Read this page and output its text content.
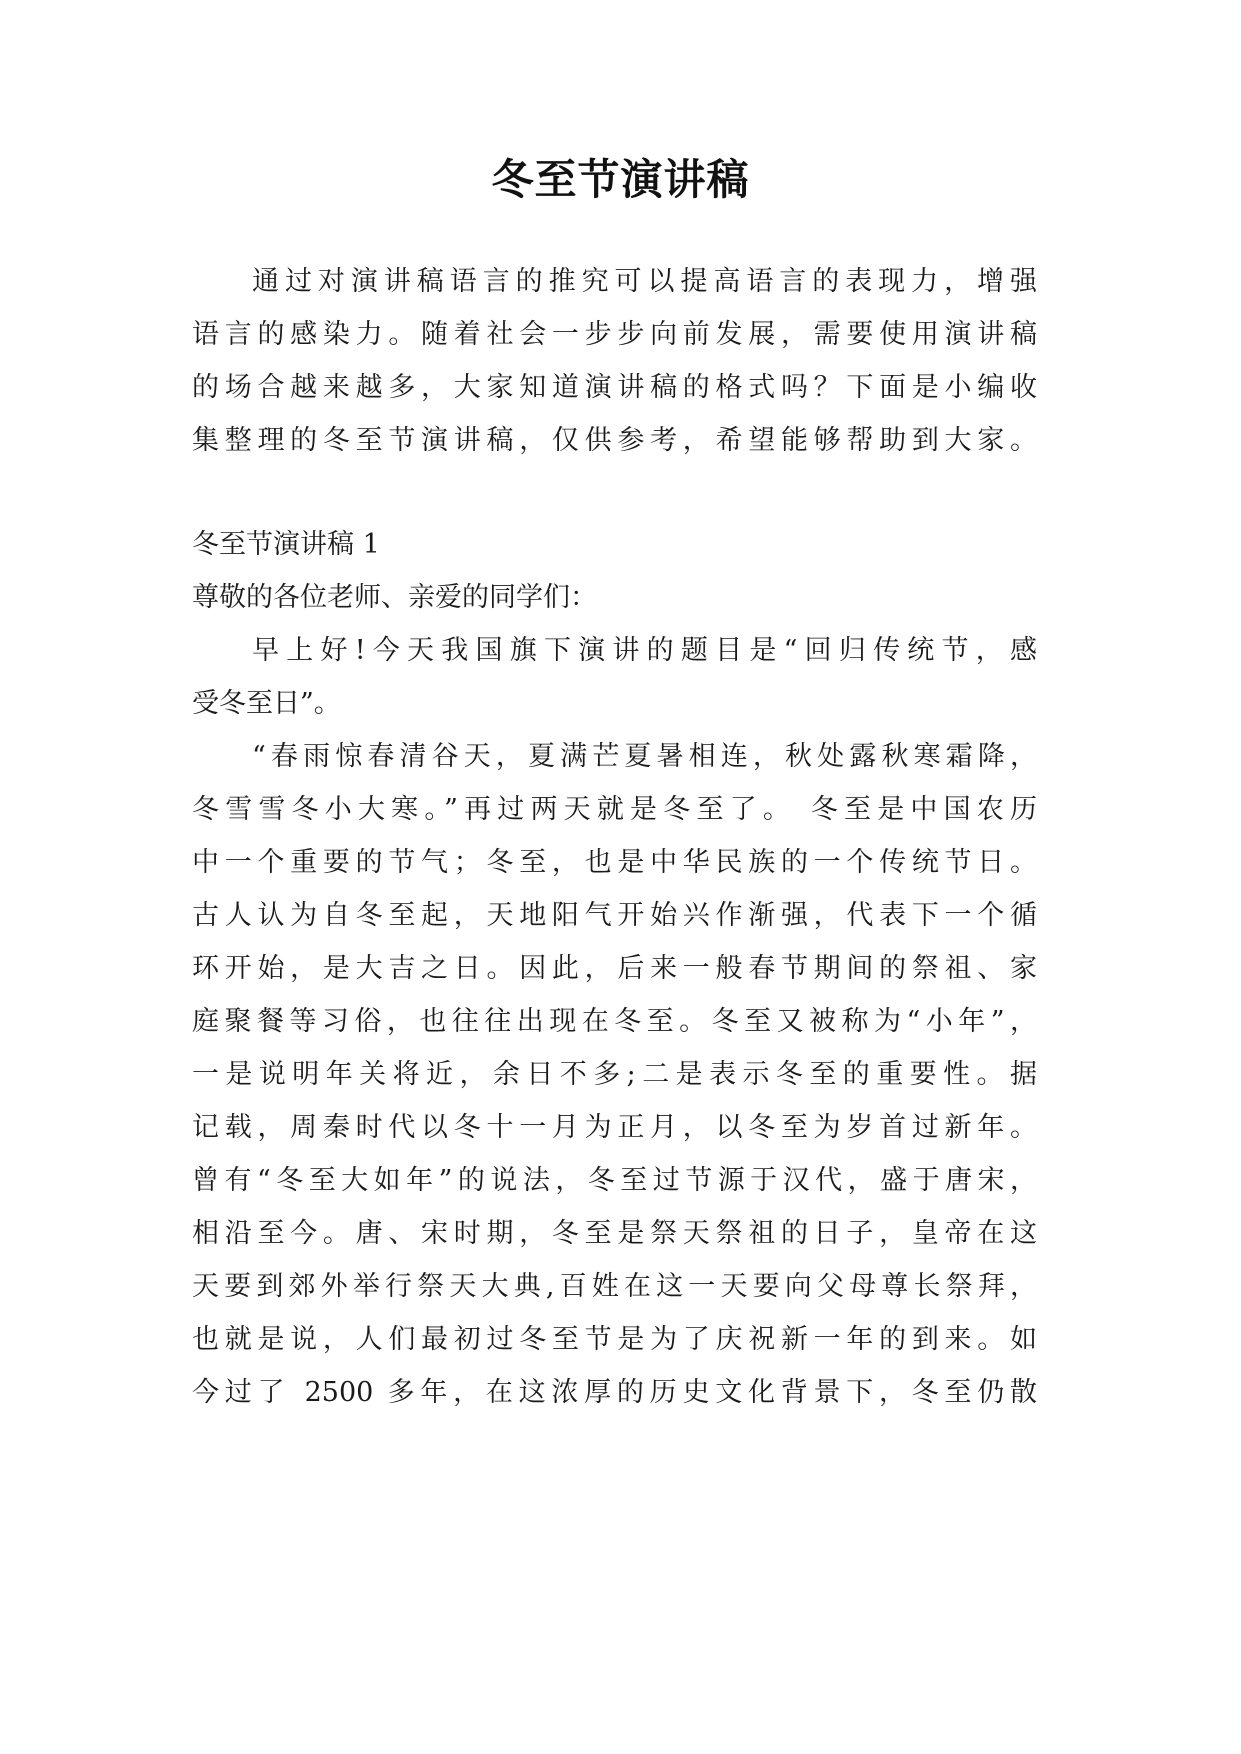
冬至节演讲稿
通过对演讲稿语言的推究可以提高语言的表现力，增强
语言的感染力。随着社会一步步向前发展，需要使用演讲稿
的场合越来越多，大家知道演讲稿的格式吗？下面是小编收
集整理的冬至节演讲稿，仅供参考，希望能够帮助到大家。
冬至节演讲稿 1
尊敬的各位老师、亲爱的同学们：
早上好!今天我国旗下演讲的题目是“回归传统节，感
受冬至日”。
“春雨惊春清谷天，夏满芒夏暑相连，秋处露秋寒霜降，
冬雪雪冬小大寒。”再过两天就是冬至了。 冬至是中国农历
中一个重要的节气；冬至，也是中华民族的一个传统节日。
古人认为自冬至起，天地阳气开始兴作渐强，代表下一个循
环开始，是大吉之日。因此，后来一般春节期间的祭祖、家
庭聚餐等习俗，也往往出现在冬至。冬至又被称为“小年”，
一是说明年关将近，余日不多;二是表示冬至的重要性。据
记载，周秦时代以冬十一月为正月，以冬至为岁首过新年。
曾有“冬至大如年”的说法，冬至过节源于汉代，盛于唐宋，
相沿至今。唐、宋时期，冬至是祭天祭祖的日子，皇帝在这
天要到郊外举行祭天大典,百姓在这一天要向父母尊长祭拜，
也就是说，人们最初过冬至节是为了庆祝新一年的到来。如
今过了 2500 多年，在这浓厚的历史文化背景下，冬至仍散
